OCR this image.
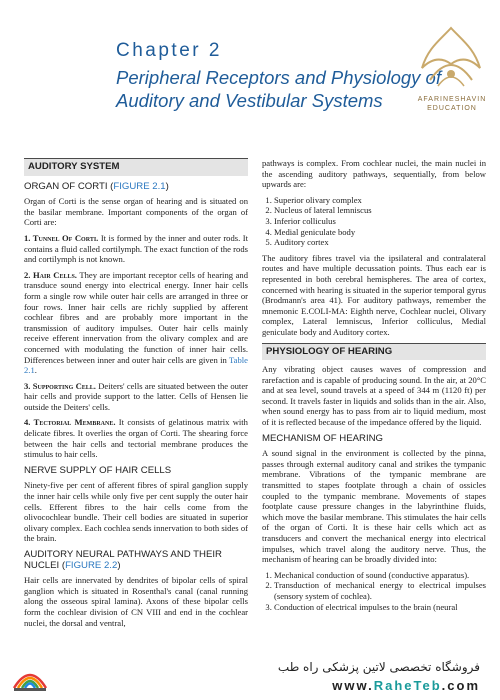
Chapter 2
Peripheral Receptors and Physiology of Auditory and Vestibular Systems	AFARINESHAVIN
EDUCATION
AUDITORY SYSTEM
ORGAN OF CORTI (FIGURE 2.1)

Organ of Corti is the sense organ of hearing and is situated on the basilar membrane. Important components of the organ of Corti are:

1. Tunnel Of Corti. It is formed by the inner and outer rods. It contains a fluid called cortilymph. The exact function of the rods and cortilymph is not known.

2. Hair Cells. They are important receptor cells of hearing and transduce sound energy into electrical energy. Inner hair cells form a single row while outer hair cells are arranged in three or four rows. Inner hair cells are richly supplied by afferent cochlear fibres and are probably more important in the transmission of auditory impulses. Outer hair cells mainly receive efferent innervation from the olivary complex and are concerned with modulating the function of inner hair cells. Differences between inner and outer hair cells are given in Table 2.1.

3. Supporting Cell. Deiters' cells are situated between the outer hair cells and provide support to the latter. Cells of Hensen lie outside the Deiters' cells.

4. Tectorial Membrane. It consists of gelatinous matrix with delicate fibres. It overlies the organ of Corti. The shearing force between the hair cells and tectorial membrane produces the stimulus to hair cells.

NERVE SUPPLY OF HAIR CELLS

Ninety-five per cent of afferent fibres of spiral ganglion supply the inner hair cells while only five per cent supply the outer hair cells. Efferent fibres to the hair cells come from the olivocochlear bundle. Their cell bodies are situated in superior olivary complex. Each cochlea sends innervation to both sides of the brain.

AUDITORY NEURAL PATHWAYS AND THEIR NUCLEI (FIGURE 2.2)

Hair cells are innervated by dendrites of bipolar cells of spiral ganglion which is situated in Rosenthal's canal (canal running along the osseous spiral lamina). Axons of these bipolar cells form the cochlear division of CN VIII and end in the cochlear nuclei, the dorsal and ventral,

pathways is complex. From cochlear nuclei, the main nuclei in the ascending auditory pathways, sequentially, from below upwards are:

1. Superior olivary complex
2. Nucleus of lateral lemniscus
3. Inferior colliculus
4. Medial geniculate body
5. Auditory cortex

The auditory fibres travel via the ipsilateral and contralateral routes and have multiple decussation points. Thus each ear is represented in both cerebral hemispheres. The area of cortex, concerned with hearing is situated in the superior temporal gyrus (Brodmann's area 41). For auditory pathways, remember the mnemonic E.COLI-MA: Eighth nerve, Cochlear nuclei, Olivary complex, Lateral lemniscus, Inferior colliculus, Medial geniculate body and Auditory cortex.

PHYSIOLOGY OF HEARING

Any vibrating object causes waves of compression and rarefaction and is capable of producing sound. In the air, at 20°C and at sea level, sound travels at a speed of 344 m (1120 ft) per second. It travels faster in liquids and solids than in the air. Also, when sound energy has to pass from air to liquid medium, most of it is reflected because of the impedance offered by the liquid.

MECHANISM OF HEARING

A sound signal in the environment is collected by the pinna, passes through external auditory canal and strikes the tympanic membrane. Vibrations of the tympanic membrane are transmitted to stapes footplate through a chain of ossicles coupled to the tympanic membrane. Movements of stapes footplate cause pressure changes in the labyrinthine fluids, which move the basilar membrane. This stimulates the hair cells of the organ of Corti. It is these hair cells which act as transducers and convert the mechanical energy into electrical impulses, which travel along the auditory nerve. Thus, the mechanism of hearing can be broadly divided into:

1. Mechanical conduction of sound (conductive apparatus).
2. Transduction of mechanical energy to electrical impulses (sensory system of cochlea).
3. Conduction of electrical impulses to the brain (neural
فروشگاه تخصصی لاتین پزشکی راه طب
www.RaheTeb.com
